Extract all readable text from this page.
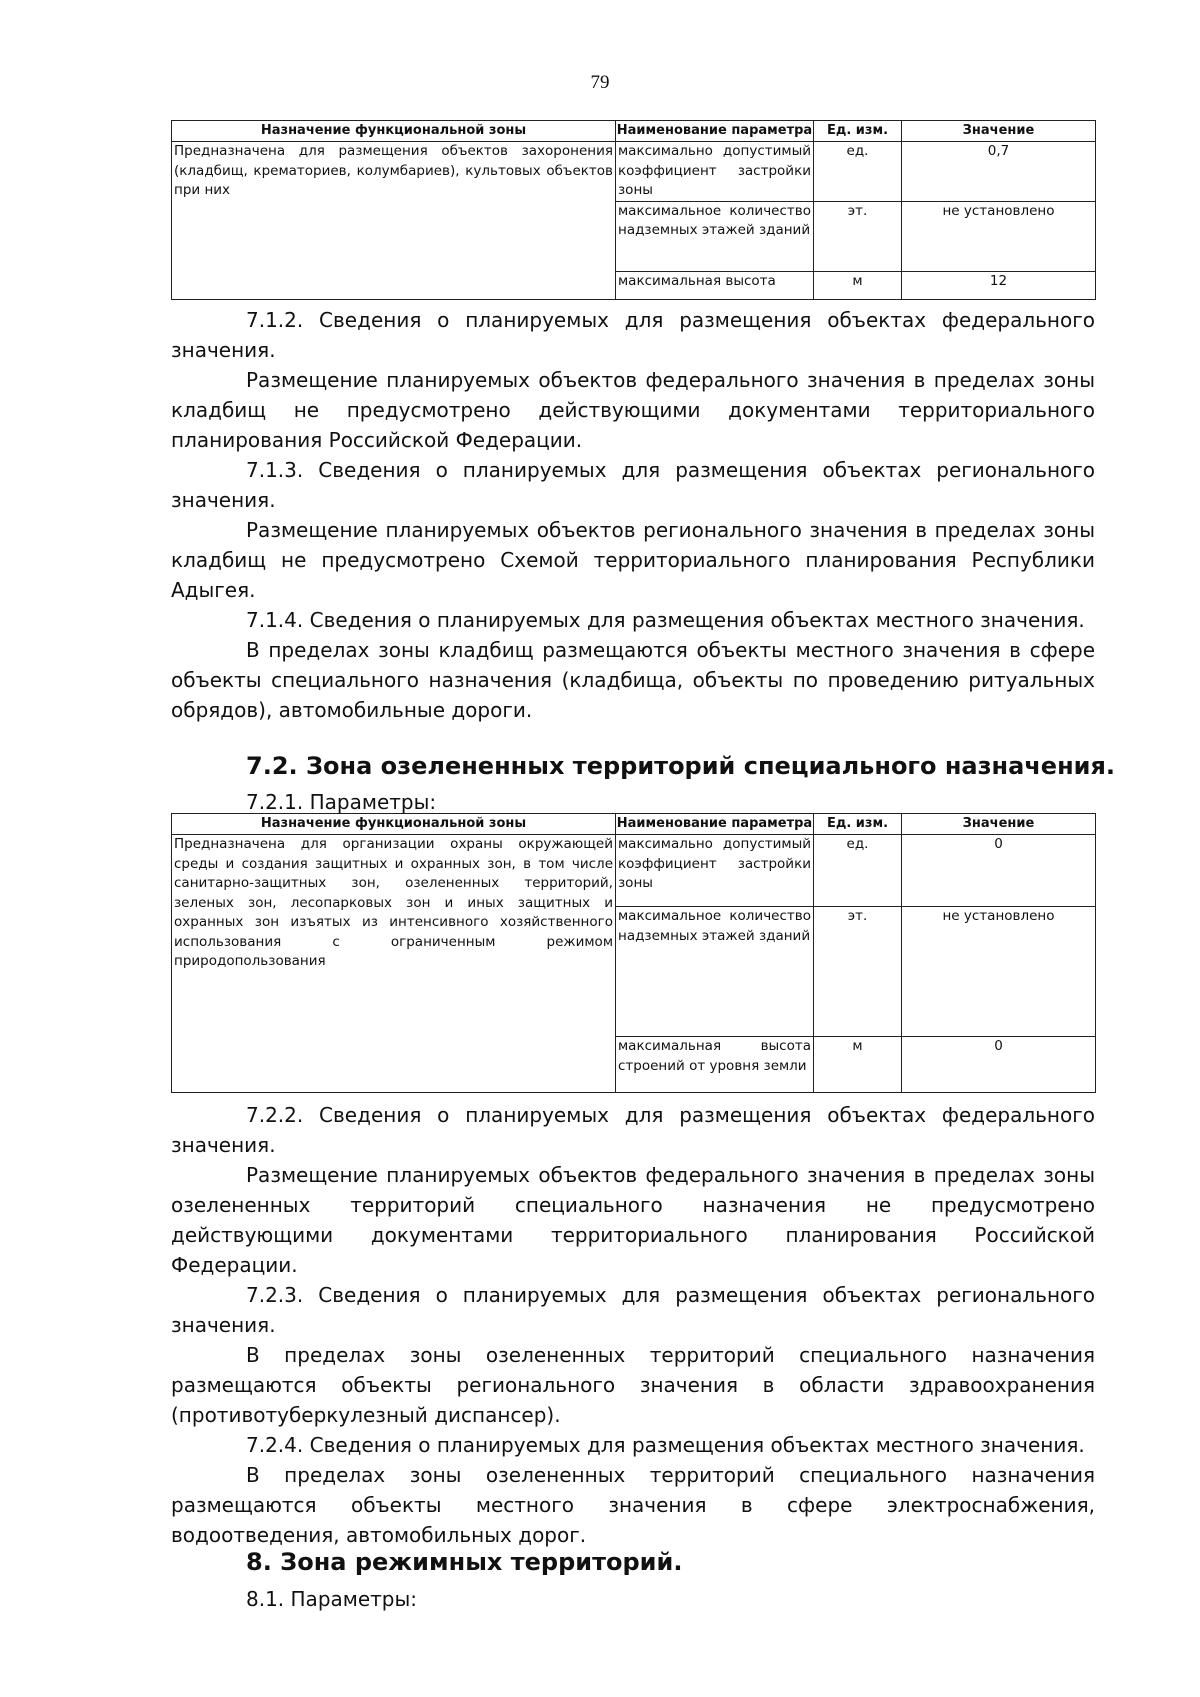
79
Назначение функциональной зоны	Наименование параметра	Ед. изм.	Значение
Предназначена для размещения объектов захоронения (кладбищ, крематориев, колумбариев), культовых объектов при них	максимально допустимый коэффициент застройки зоны	ед.	0,7
	максимальное количество надземных этажей зданий	эт.	не установлено
	максимальная высота	м	12

7.1.2. Сведения о планируемых для размещения объектах федерального значения.

Размещение планируемых объектов федерального значения в пределах зоны кладбищ не предусмотрено действующими документами территориального планирования Российской Федерации.

7.1.3. Сведения о планируемых для размещения объектах регионального значения.

Размещение планируемых объектов регионального значения в пределах зоны кладбищ не предусмотрено Схемой территориального планирования Республики Адыгея.

7.1.4. Сведения о планируемых для размещения объектах местного значения.

В пределах зоны кладбищ размещаются объекты местного значения в сфере объекты специального назначения (кладбища, объекты по проведению ритуальных обрядов), автомобильные дороги.

7.2. Зона озелененных территорий специального назначения.
7.2.1. Параметры:
Назначение функциональной зоны	Наименование параметра	Ед. изм.	Значение
Предназначена для организации охраны окружающей среды и создания защитных и охранных зон, в том числе санитарно-защитных зон, озелененных территорий, зеленых зон, лесопарковых зон и иных защитных и охранных зон изъятых из интенсивного хозяйственного использования с ограниченным режимом природопользования	максимально допустимый коэффициент застройки зоны	ед.	0
	максимальное количество надземных этажей зданий	эт.	не установлено
	максимальная высота строений от уровня земли	м	0

7.2.2. Сведения о планируемых для размещения объектах федерального значения.

Размещение планируемых объектов федерального значения в пределах зоны озелененных территорий специального назначения не предусмотрено действующими документами территориального планирования Российской Федерации.

7.2.3. Сведения о планируемых для размещения объектах регионального значения.

В пределах зоны озелененных территорий специального назначения размещаются объекты регионального значения в области здравоохранения (противотуберкулезный диспансер).

7.2.4. Сведения о планируемых для размещения объектах местного значения.

В пределах зоны озелененных территорий специального назначения размещаются объекты местного значения в сфере электроснабжения, водоотведения, автомобильных дорог.

8. Зона режимных территорий.
8.1. Параметры:
